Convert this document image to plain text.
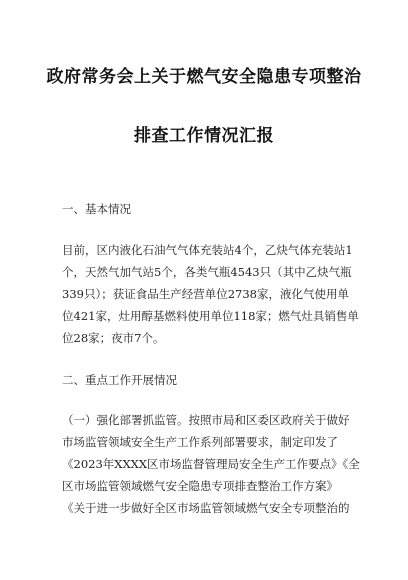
政府常务会上关于燃气安全隐患专项整治
排查工作情况汇报
一、基本情况
目前，区内液化石油气气体充装站4个，乙炔气体充装站1
个，天然气加气站5个，各类气瓶4543只（其中乙炔气瓶
339只）；获证食品生产经营单位2738家，液化气使用单
位421家，灶用醇基燃料使用单位118家；燃气灶具销售单
位28家；夜市7个。
二、重点工作开展情况
（一）强化部署抓监管。按照市局和区委区政府关于做好
市场监管领域安全生产工作系列部署要求，制定印发了
《2023年XXXX区市场监督管理局安全生产工作要点》《全
区市场监管领域燃气安全隐患专项排查整治工作方案》
《关于进一步做好全区市场监管领域燃气安全专项整治的
